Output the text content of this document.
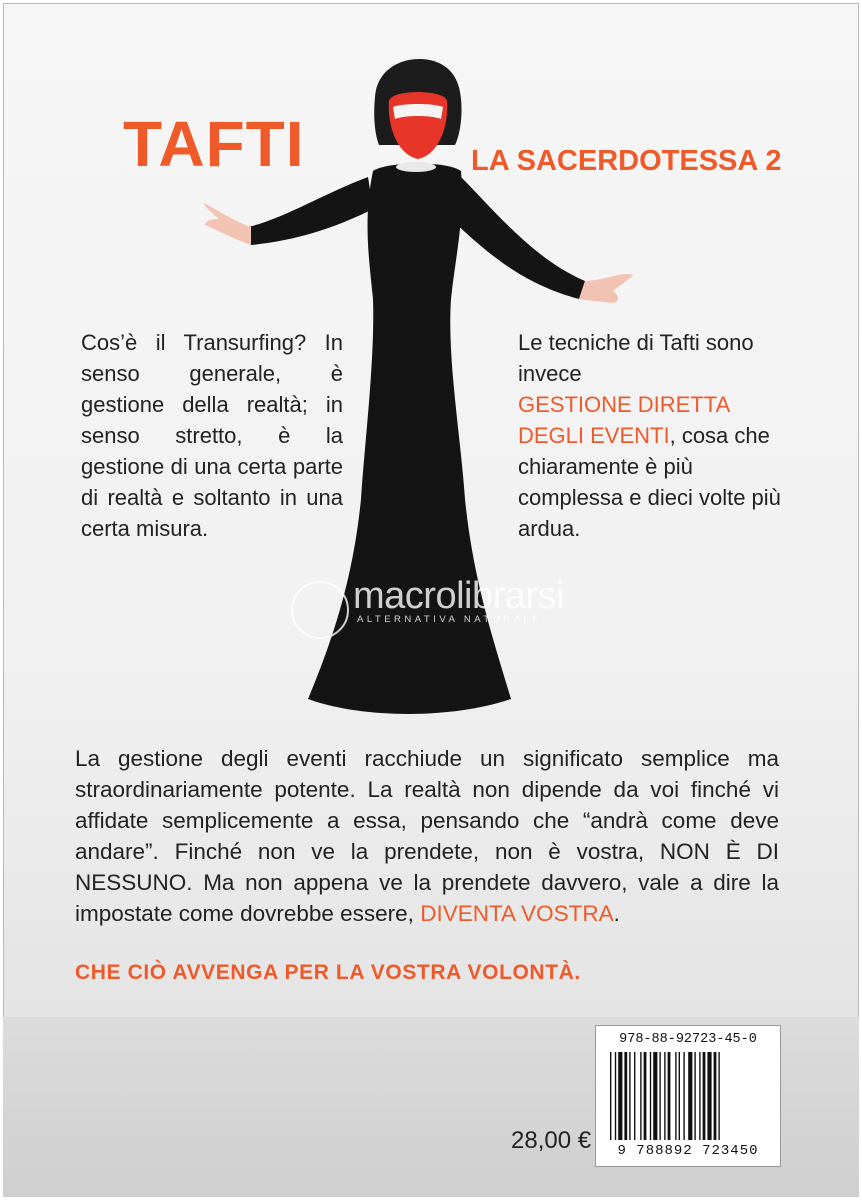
TAFTI	LA SACERDOTESSA 2
Cos’è il Transurfing? In senso generale, è gestione della realtà; in senso stretto, è la gestione di una certa parte di realtà e soltanto in una certa misura.
Le tecniche di Tafti sono invece
GESTIONE DIRETTA DEGLI EVENTI, cosa che chiaramente è più complessa e dieci volte più ardua.
macrolibrarsi
ALTERNATIVA NATURALE
La gestione degli eventi racchiude un significato semplice ma straordinariamente potente. La realtà non dipende da voi finché vi affidate semplicemente a essa, pensando che “andrà come deve andare”. Finché non ve la prendete, non è vostra, NON È DI NESSUNO. Ma non appena ve la prendete davvero, vale a dire la impostate come dovrebbe essere, DIVENTA VOSTRA.
CHE CIÒ AVVENGA PER LA VOSTRA VOLONTÀ.
28,00 €
978-88-92723-45-0
9 788892 723450
